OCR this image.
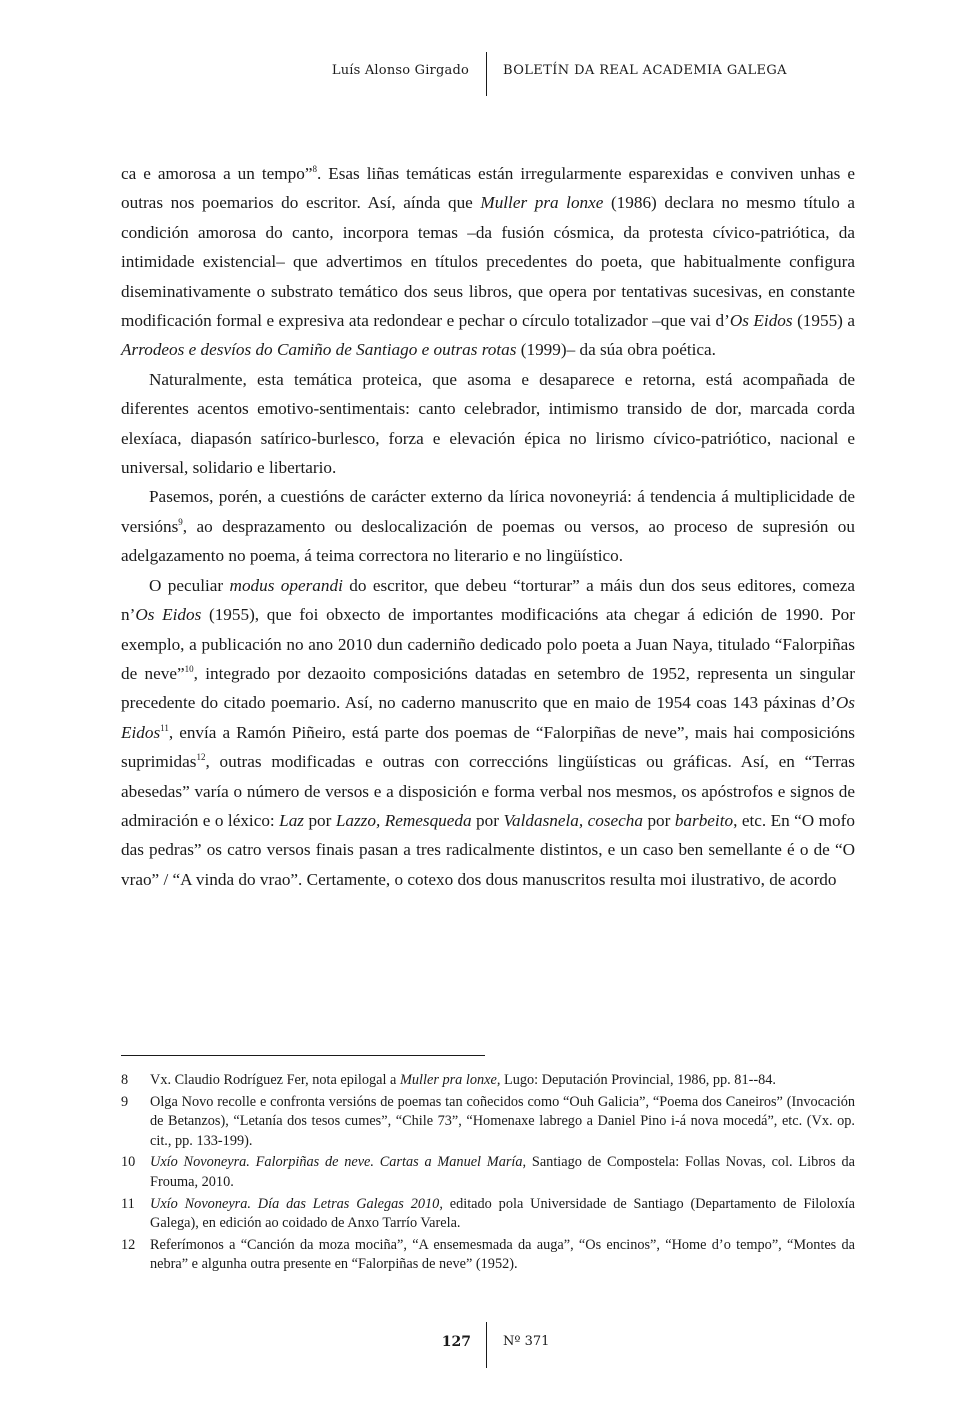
Luís Alonso Girgado	BOLETÍN DA REAL ACADEMIA GALEGA

ca e amorosa a un tempo”$^8$. Esas liñas temáticas están irregularmente esparexidas e conviven unhas e outras nos poemarios do escritor. Así, aínda que Muller pra lonxe (1986) declara no mesmo título a condición amorosa do canto, incorpora temas –da fusión cósmica, da protesta cívico-patriótica, da intimidade existencial– que advertimos en títulos precedentes do poeta, que habitualmente configura diseminativamente o substrato temático dos seus libros, que opera por tentativas sucesivas, en constante modificación formal e expresiva ata redondear e pechar o círculo totalizador –que vai d’Os Eidos (1955) a Arrodeos e desvíos do Camiño de Santiago e outras rotas (1999)– da súa obra poética.

Naturalmente, esta temática proteica, que asoma e desaparece e retorna, está acompañada de diferentes acentos emotivo-sentimentais: canto celebrador, intimismo transido de dor, marcada corda elexíaca, diapasón satírico-burlesco, forza e elevación épica no lirismo cívico-patriótico, nacional e universal, solidario e libertario.

Pasemos, porén, a cuestións de carácter externo da lírica novoneyriá: á tendencia á multiplicidade de versións$^9$, ao desprazamento ou deslocalización de poemas ou versos, ao proceso de supresión ou adelgazamento no poema, á teima correctora no literario e no lingüístico.

O peculiar modus operandi do escritor, que debeu “torturar” a máis dun dos seus editores, comeza n’Os Eidos (1955), que foi obxecto de importantes modificacións ata chegar á edición de 1990. Por exemplo, a publicación no ano 2010 dun caderniño dedicado polo poeta a Juan Naya, titulado “Falorpiñas de neve”$^{10}$, integrado por dezaoito composicións datadas en setembro de 1952, representa un singular precedente do citado poemario. Así, no caderno manuscrito que en maio de 1954 coas 143 páxinas d’Os Eidos$^{11}$, envía a Ramón Piñeiro, está parte dos poemas de “Falorpiñas de neve”, mais hai composicións suprimidas$^{12}$, outras modificadas e outras con correccións lingüísticas ou gráficas. Así, en “Terras abesedas” varía o número de versos e a disposición e forma verbal nos mesmos, os apóstrofos e signos de admiración e o léxico: Laz por Lazzo, Remesqueda por Valdasnela, cosecha por barbeito, etc. En “O mofo das pedras” os catro versos finais pasan a tres radicalmente distintos, e un caso ben semellante é o de “O vrao” / “A vinda do vrao”. Certamente, o cotexo dos dous manuscritos resulta moi ilustrativo, de acordo

8 Vx. Claudio Rodríguez Fer, nota epilogal a Muller pra lonxe, Lugo: Deputación Provincial, 1986, pp. 81--84.
9 Olga Novo recolle e confronta versións de poemas tan coñecidos como “Ouh Galicia”, “Poema dos Caneiros” (Invocación de Betanzos), “Letanía dos tesos cumes”, “Chile 73”, “Homenaxe labrego a Daniel Pino i-á nova mocedá”, etc. (Vx. op. cit., pp. 133-199).
10 Uxío Novoneyra. Falorpiñas de neve. Cartas a Manuel María, Santiago de Compostela: Follas Novas, col. Libros da Frouma, 2010.
11 Uxío Novoneyra. Día das Letras Galegas 2010, editado pola Universidade de Santiago (Departamento de Filoloxía Galega), en edición ao coidado de Anxo Tarrío Varela.
12 Referímonos a “Canción da moza mociña”, “A ensemesmada da auga”, “Os encinos”, “Home d’o tempo”, “Montes da nebra” e algunha outra presente en “Falorpiñas de neve” (1952).
127 Nº 371
